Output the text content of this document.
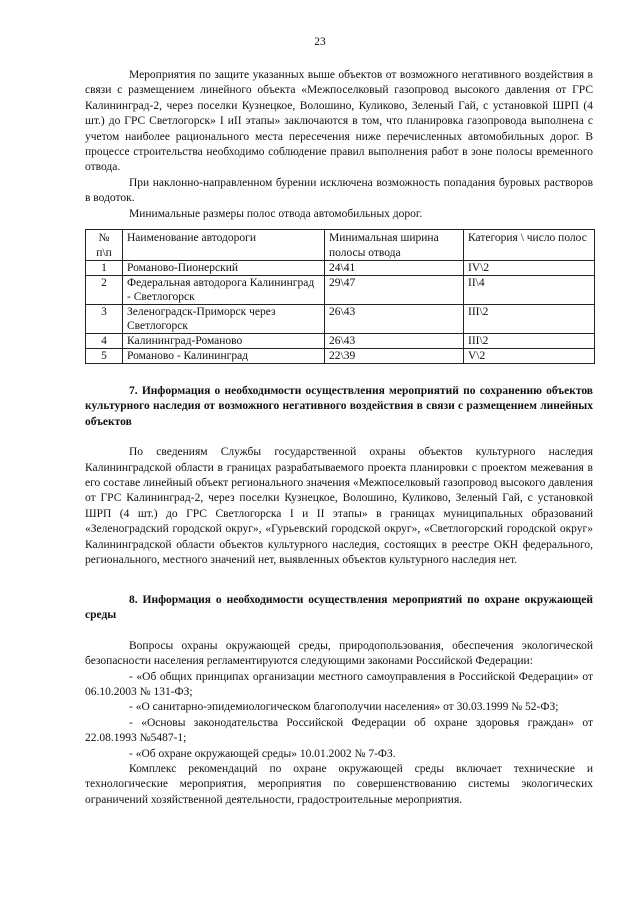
23

Мероприятия по защите указанных выше объектов от возможного негативного воздействия в связи с размещением линейного объекта «Межпоселковый газопровод высокого давления от ГРС Калининград-2, через поселки Кузнецкое, Волошино, Куликово, Зеленый Гай, с установкой ШРП (4 шт.) до ГРС Светлогорск» I иII этапы» заключаются в том, что планировка газопровода выполнена с учетом наиболее рационального места пересечения ниже перечисленных автомобильных дорог. В процессе строительства необходимо соблюдение правил выполнения работ в зоне полосы временного отвода.

При наклонно-направленном бурении исключена возможность попадания буровых растворов в водоток.

Минимальные размеры полос отвода автомобильных дорог.

№ п\п	Наименование автодороги	Минимальная ширина полосы отвода	Категория \ число полос
1	Романово-Пионерский	24\41	IV\2
2	Федеральная автодорога Калининград - Светлогорск	29\47	II\4
3	Зеленоградск-Приморск через Светлогорск	26\43	III\2
4	Калининград-Романово	26\43	III\2
5	Романово - Калининград	22\39	V\2

7. Информация о необходимости осуществления мероприятий по сохранению объектов культурного наследия от возможного негативного воздействия в связи с размещением линейных объектов

По сведениям Службы государственной охраны объектов культурного наследия Калининградской области в границах разрабатываемого проекта планировки с проектом межевания в его составе линейный объект регионального значения «Межпоселковый газопровод высокого давления от ГРС Калининград-2, через поселки Кузнецкое, Волошино, Куликово, Зеленый Гай, с установкой ШРП (4 шт.) до ГРС Светлогорска I и II этапы» в границах муниципальных образований «Зеленоградский городской округ», «Гурьевский городской округ», «Светлогорский городской округ» Калининградской области объектов культурного наследия, состоящих в реестре ОКН федерального, регионального, местного значений нет, выявленных объектов культурного наследия нет.

8. Информация о необходимости осуществления мероприятий по охране окружающей среды

Вопросы охраны окружающей среды, природопользования, обеспечения экологической безопасности населения регламентируются следующими законами Российской Федерации:

- «Об общих принципах организации местного самоуправления в Российской Федерации» от 06.10.2003 № 131-ФЗ;

- «О санитарно-эпидемиологическом благополучии населения» от 30.03.1999 № 52-ФЗ;

- «Основы законодательства Российской Федерации об охране здоровья граждан» от 22.08.1993 №5487-1;

- «Об охране окружающей среды» 10.01.2002 № 7-ФЗ.

Комплекс рекомендаций по охране окружающей среды включает технические и технологические мероприятия, мероприятия по совершенствованию системы экологических ограничений хозяйственной деятельности, градостроительные мероприятия.
